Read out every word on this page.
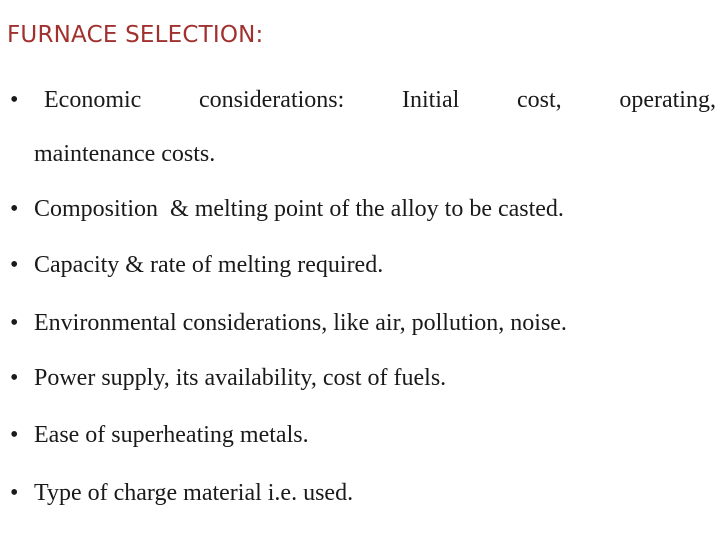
FURNACE SELECTION:
• Economic considerations: Initial cost, operating,
maintenance costs.
• Composition  & melting point of the alloy to be casted.
• Capacity & rate of melting required.
• Environmental considerations, like air, pollution, noise.
• Power supply, its availability, cost of fuels.
• Ease of superheating metals.
• Type of charge material i.e. used.
